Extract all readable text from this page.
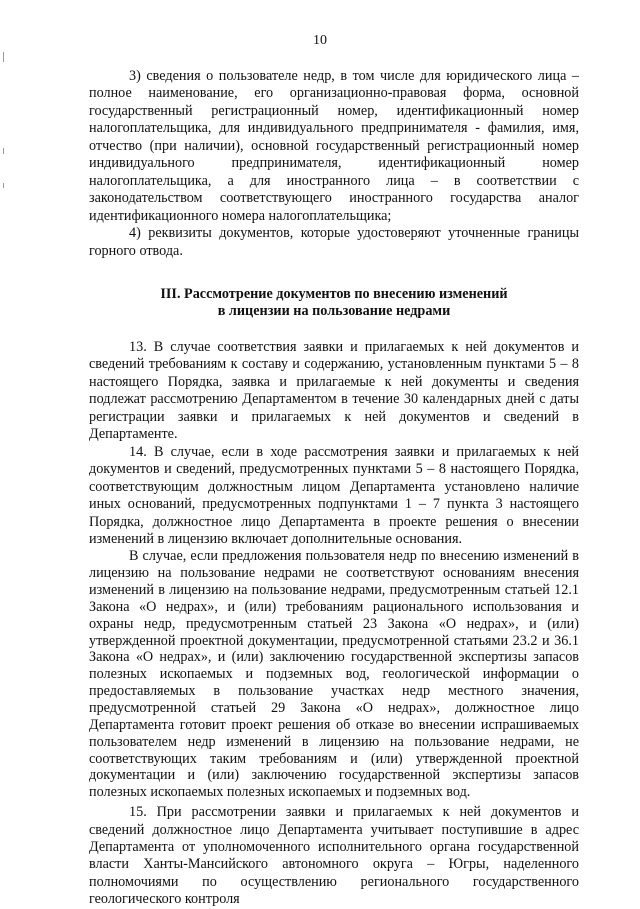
10

3) сведения о пользователе недр, в том числе для юридического лица – полное наименование, его организационно-правовая форма, основной государственный регистрационный номер, идентификационный номер налогоплательщика, для индивидуального предпринимателя - фамилия, имя, отчество (при наличии), основной государственный регистрационный номер индивидуального предпринимателя, идентификационный номер налогоплательщика, а для иностранного лица – в соответствии с законодательством соответствующего иностранного государства аналог идентификационного номера налогоплательщика;

4) реквизиты документов, которые удостоверяют уточненные границы горного отвода.

III. Рассмотрение документов по внесению изменений
в лицензии на пользование недрами

13. В случае соответствия заявки и прилагаемых к ней документов и сведений требованиям к составу и содержанию, установленным пунктами 5 – 8 настоящего Порядка, заявка и прилагаемые к ней документы и сведения подлежат рассмотрению Департаментом в течение 30 календарных дней с даты регистрации заявки и прилагаемых к ней документов и сведений в Департаменте.

14. В случае, если в ходе рассмотрения заявки и прилагаемых к ней документов и сведений, предусмотренных пунктами 5 – 8 настоящего Порядка, соответствующим должностным лицом Департамента установлено наличие иных оснований, предусмотренных подпунктами 1 – 7 пункта 3 настоящего Порядка, должностное лицо Департамента в проекте решения о внесении изменений в лицензию включает дополнительные основания.

В случае, если предложения пользователя недр по внесению изменений в лицензию на пользование недрами не соответствуют основаниям внесения изменений в лицензию на пользование недрами, предусмотренным статьей 12.1 Закона «О недрах», и (или) требованиям рационального использования и охраны недр, предусмотренным статьей 23 Закона «О недрах», и (или) утвержденной проектной документации, предусмотренной статьями 23.2 и 36.1 Закона «О недрах», и (или) заключению государственной экспертизы запасов полезных ископаемых и подземных вод, геологической информации о предоставляемых в пользование участках недр местного значения, предусмотренной статьей 29 Закона «О недрах», должностное лицо Департамента готовит проект решения об отказе во внесении испрашиваемых пользователем недр изменений в лицензию на пользование недрами, не соответствующих таким требованиям и (или) утвержденной проектной документации и (или) заключению государственной экспертизы запасов полезных ископаемых полезных ископаемых и подземных вод.

15. При рассмотрении заявки и прилагаемых к ней документов и сведений должностное лицо Департамента учитывает поступившие в адрес Департамента от уполномоченного исполнительного органа государственной власти Ханты-Мансийского автономного округа – Югры, наделенного полномочиями по осуществлению регионального государственного геологического контроля
